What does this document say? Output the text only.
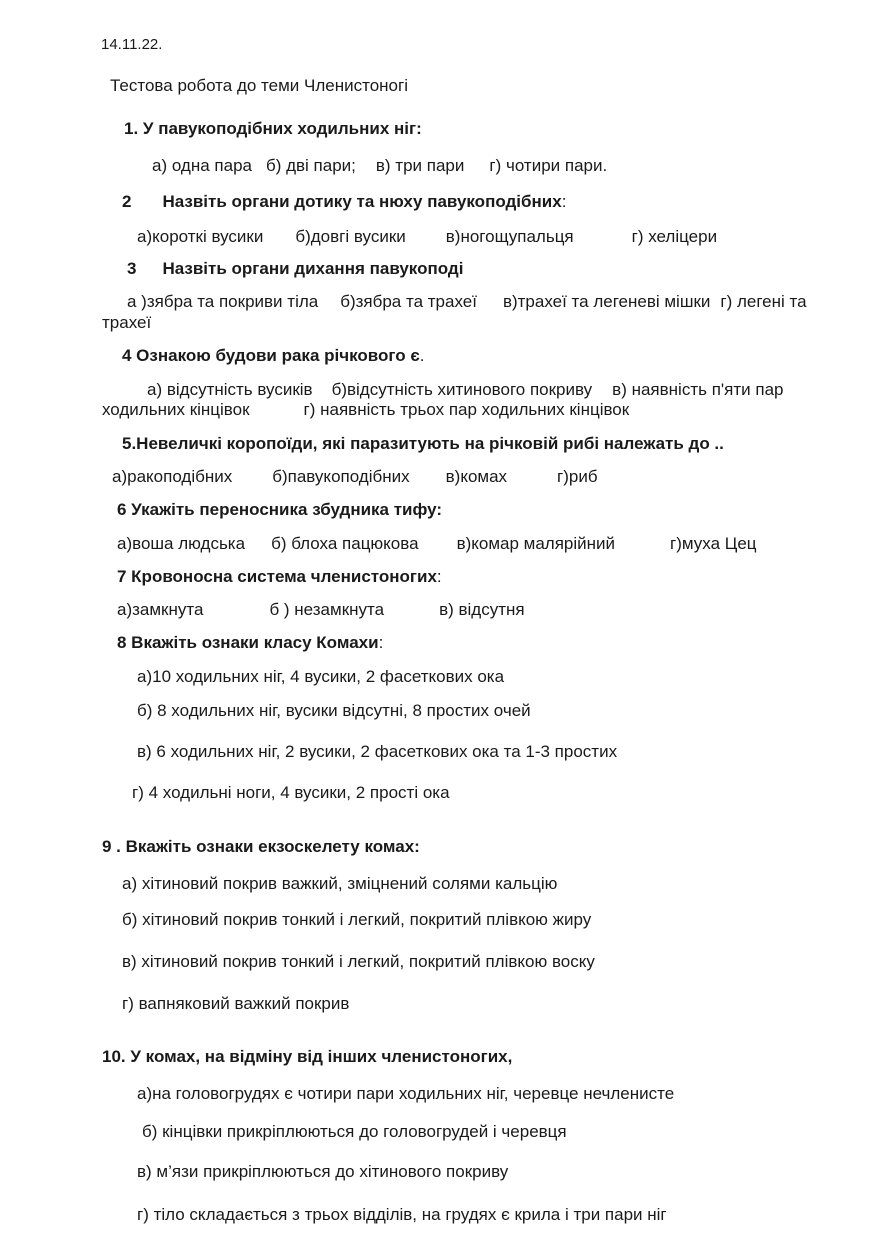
14.11.22.
Тестова робота до теми Членистоногі
1. У павукоподібних ходильних ніг:
а) одна пара б) дві пари; в) три пари г) чотири пари.
2 Назвіть органи дотику та нюху павукоподібних:
а)короткі вусики б)довгі вусики в)ногощупальця	г) хеліцери
3 Назвіть органи дихання павукоподі
а )зябра та покриви тіла б)зябра та трахеї в)трахеї та легеневі мішки г) легені та
трахеї
4 Ознакою будови рака річкового є.
а) відсутність вусиків б)відсутність хитинового покриву в) наявність п'яти пар
ходильних кінцівок	г) наявність трьох пар ходильних кінцівок
5.Невеличкі коропоїди, які паразитують на річковій рибі належать до ..
а)ракоподібних б)павукоподібних в)комах	г)риб
6 Укажіть переносника збудника тифу:
а)воша людська б) блоха пацюкова в)комар малярійний	г)муха Цец
7 Кровоносна система членистоногих:
а)замкнута	б ) незамкнута	в) відсутня
8 Вкажіть ознаки класу Комахи:
а)10 ходильних ніг, 4 вусики, 2 фасеткових ока
б) 8 ходильних ніг, вусики відсутні, 8 простих очей
в) 6 ходильних ніг, 2 вусики, 2 фасеткових ока та 1-3 простих
г) 4 ходильні ноги, 4 вусики, 2 прості ока
9 . Вкажіть ознаки екзоскелету комах:
а) хітиновий покрив важкий, зміцнений солями кальцію
б) хітиновий покрив тонкий і легкий, покритий плівкою жиру
в) хітиновий покрив тонкий і легкий, покритий плівкою воску
г) вапняковий важкий покрив
10. У комах, на відміну від інших членистоногих,
а)на головогрудях є чотири пари ходильних ніг, черевце нечленисте
б) кінцівки прикріплюються до головогрудей і черевця
в) м’язи прикріплюються до хітинового покриву
г) тіло складається з трьох відділів, на грудях є крила і три пари ніг
